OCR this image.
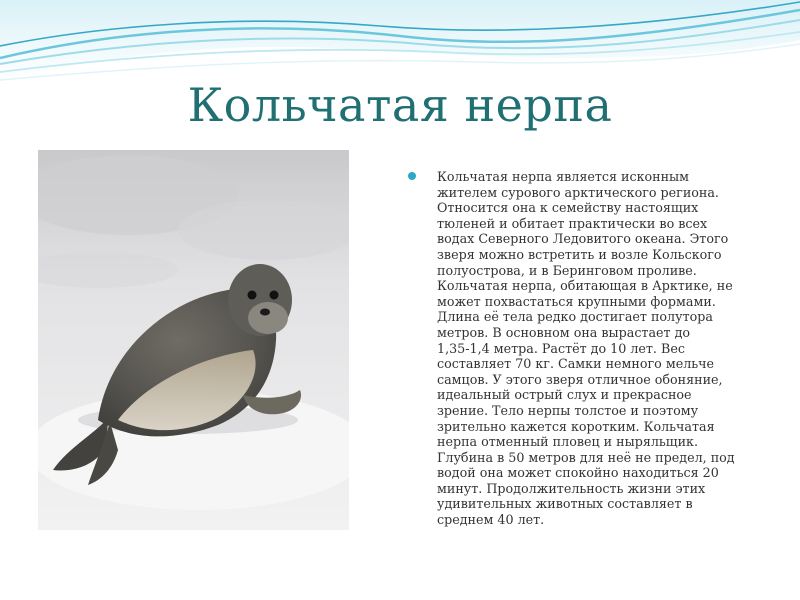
Кольчатая нерпа

Кольчатая нерпа является исконным
жителем сурового арктического региона.
Относится она к семейству настоящих
тюленей и обитает практически во всех
водах Северного Ледовитого океана. Этого
зверя можно встретить и возле Кольского
полуострова, и в Беринговом проливе.
Кольчатая нерпа, обитающая в Арктике, не
может похвастаться крупными формами.
Длина её тела редко достигает полутора
метров. В основном она вырастает до
1,35-1,4 метра. Растёт до 10 лет. Вес
составляет 70 кг. Самки немного мельче
самцов. У этого зверя отличное обоняние,
идеальный острый слух и прекрасное
зрение. Тело нерпы толстое и поэтому
зрительно кажется коротким. Кольчатая
нерпа отменный пловец и ныряльщик.
Глубина в 50 метров для неё не предел, под
водой она может спокойно находиться 20
минут. Продолжительность жизни этих
удивительных животных составляет в
среднем 40 лет.
